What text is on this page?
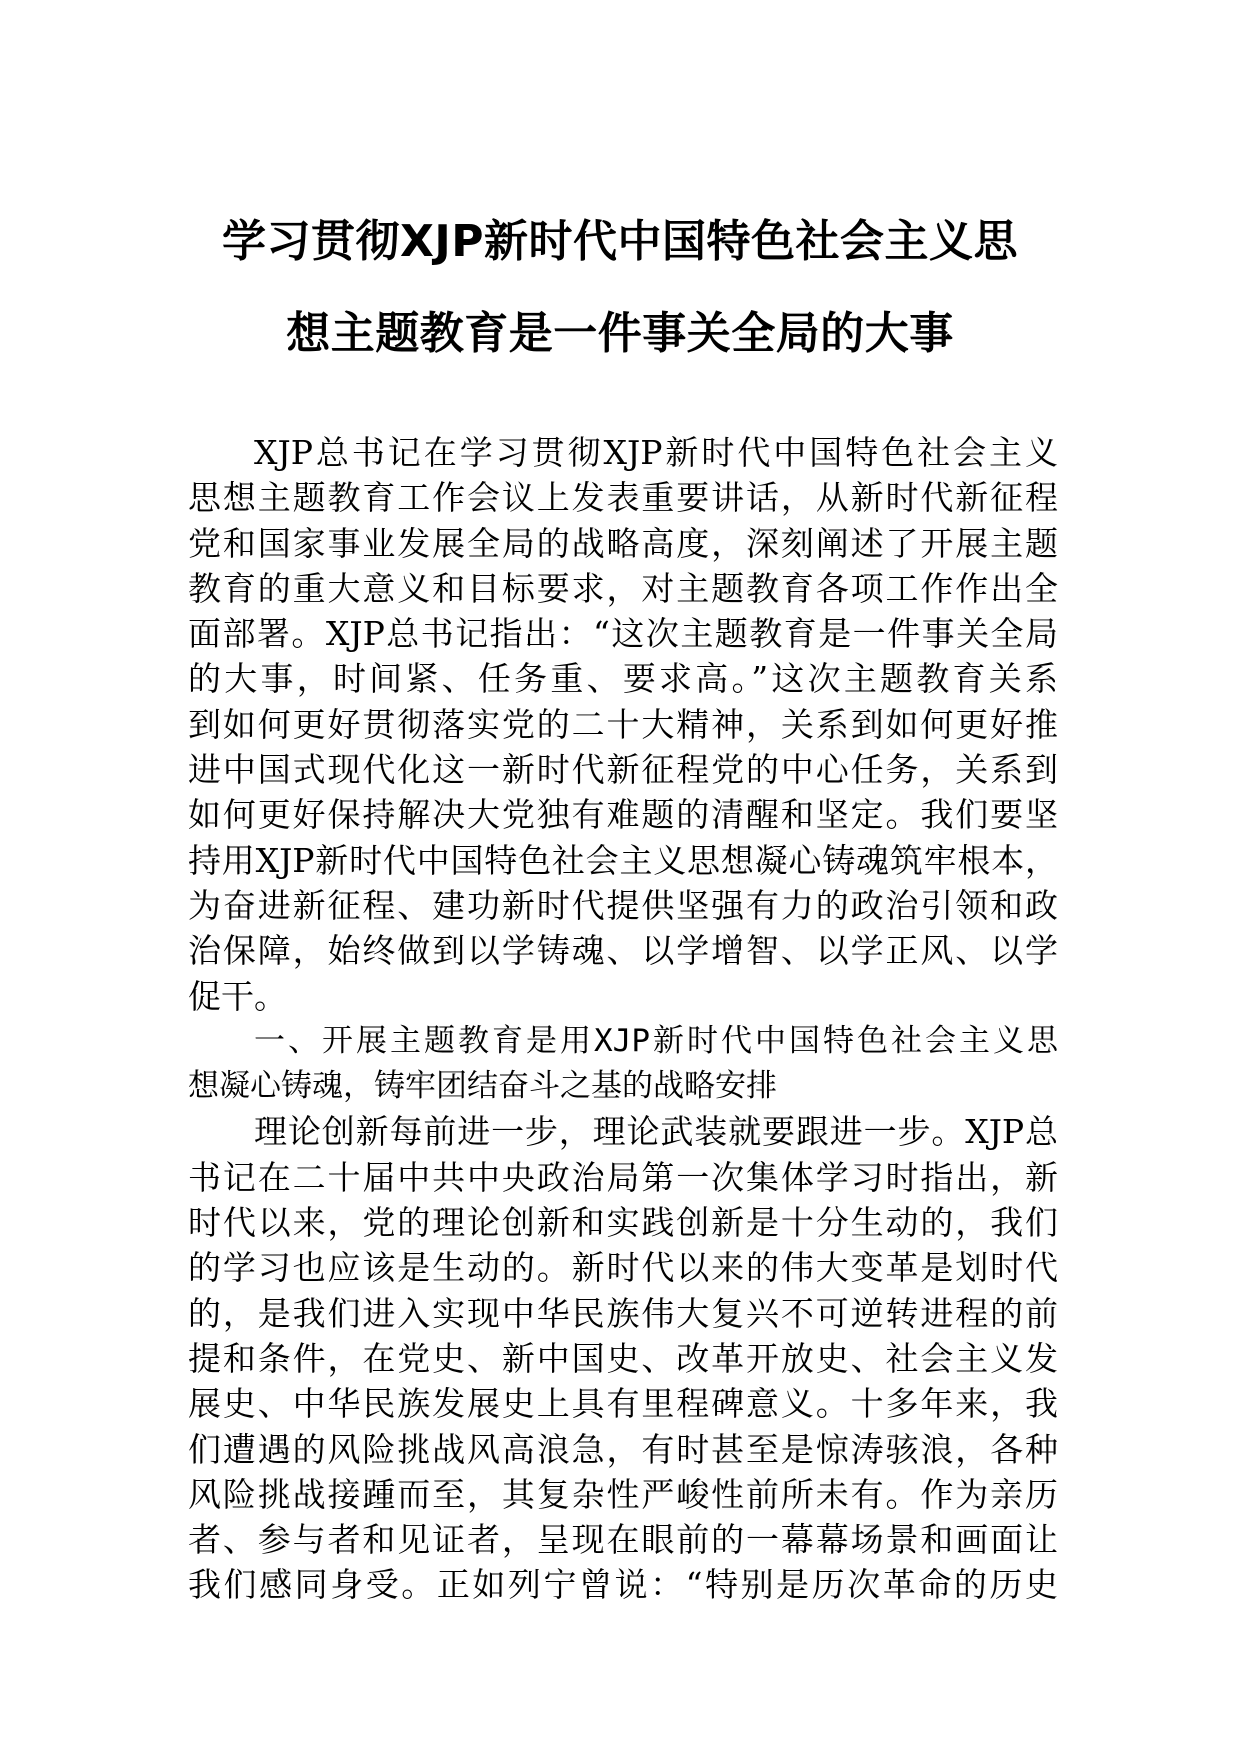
学习贯彻XJP新时代中国特色社会主义思
想主题教育是一件事关全局的大事
XJP总书记在学习贯彻XJP新时代中国特色社会主义
思想主题教育工作会议上发表重要讲话，从新时代新征程
党和国家事业发展全局的战略高度，深刻阐述了开展主题
教育的重大意义和目标要求，对主题教育各项工作作出全
面部署。XJP总书记指出：“这次主题教育是一件事关全局
的大事，时间紧、任务重、要求高。”这次主题教育关系
到如何更好贯彻落实党的二十大精神，关系到如何更好推
进中国式现代化这一新时代新征程党的中心任务，关系到
如何更好保持解决大党独有难题的清醒和坚定。我们要坚
持用XJP新时代中国特色社会主义思想凝心铸魂筑牢根本，
为奋进新征程、建功新时代提供坚强有力的政治引领和政
治保障，始终做到以学铸魂、以学增智、以学正风、以学
促干。
一、开展主题教育是用XJP新时代中国特色社会主义思
想凝心铸魂，铸牢团结奋斗之基的战略安排
理论创新每前进一步，理论武装就要跟进一步。XJP总
书记在二十届中共中央政治局第一次集体学习时指出，新
时代以来，党的理论创新和实践创新是十分生动的，我们
的学习也应该是生动的。新时代以来的伟大变革是划时代
的，是我们进入实现中华民族伟大复兴不可逆转进程的前
提和条件，在党史、新中国史、改革开放史、社会主义发
展史、中华民族发展史上具有里程碑意义。十多年来，我
们遭遇的风险挑战风高浪急，有时甚至是惊涛骇浪，各种
风险挑战接踵而至，其复杂性严峻性前所未有。作为亲历
者、参与者和见证者，呈现在眼前的一幕幕场景和画面让
我们感同身受。正如列宁曾说：“特别是历次革命的历史
